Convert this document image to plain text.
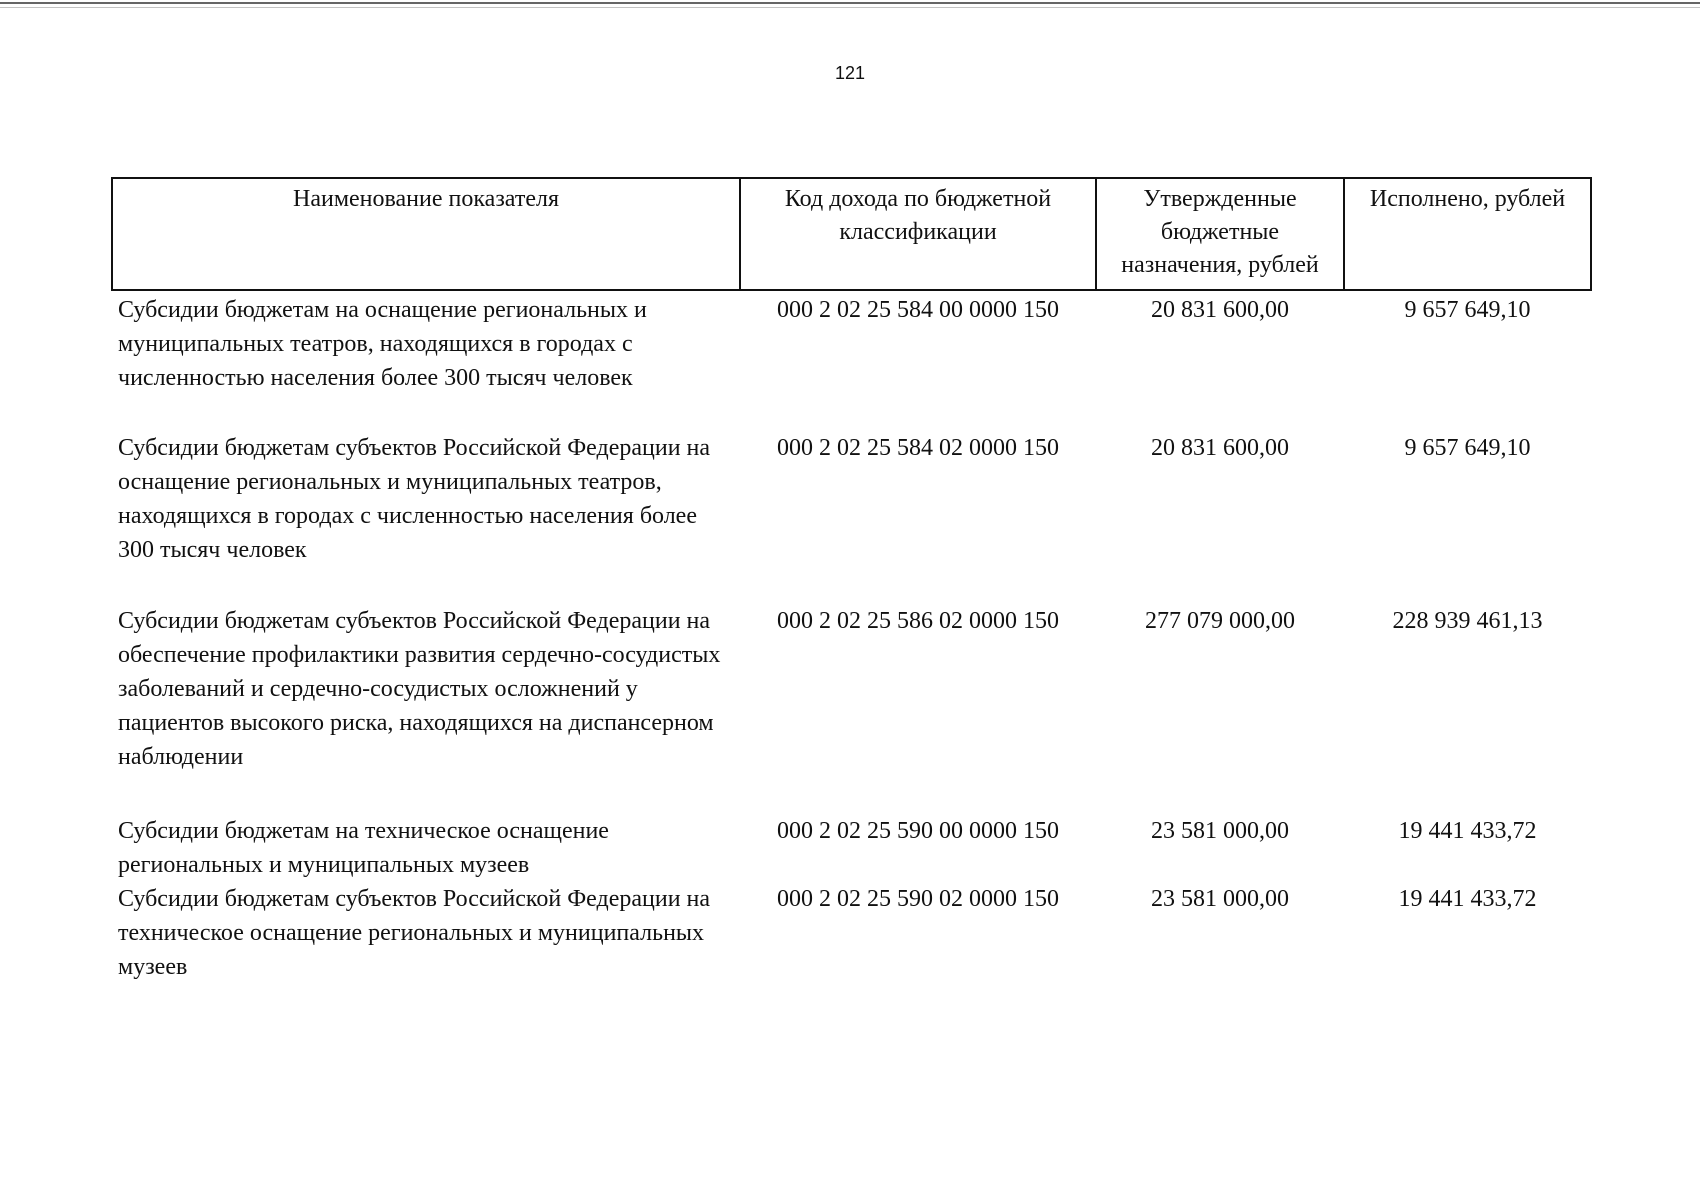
121
Наименование показателя	Код дохода по бюджетной классификации	Утвержденные бюджетные назначения, рублей	Исполнено, рублей
Субсидии бюджетам на оснащение региональных и муниципальных театров, находящихся в городах с численностью населения более 300 тысяч человек	000 2 02 25 584 00 0000 150	20 831 600,00	9 657 649,10
Субсидии бюджетам субъектов Российской Федерации на оснащение региональных и муниципальных театров, находящихся в городах с численностью населения более 300 тысяч человек	000 2 02 25 584 02 0000 150	20 831 600,00	9 657 649,10
Субсидии бюджетам субъектов Российской Федерации на обеспечение профилактики развития сердечно-сосудистых заболеваний и сердечно-сосудистых осложнений у пациентов высокого риска, находящихся на диспансерном наблюдении	000 2 02 25 586 02 0000 150	277 079 000,00	228 939 461,13
Субсидии бюджетам на техническое оснащение региональных и муниципальных музеев	000 2 02 25 590 00 0000 150	23 581 000,00	19 441 433,72
Субсидии бюджетам субъектов Российской Федерации на техническое оснащение региональных и муниципальных музеев	000 2 02 25 590 02 0000 150	23 581 000,00	19 441 433,72
